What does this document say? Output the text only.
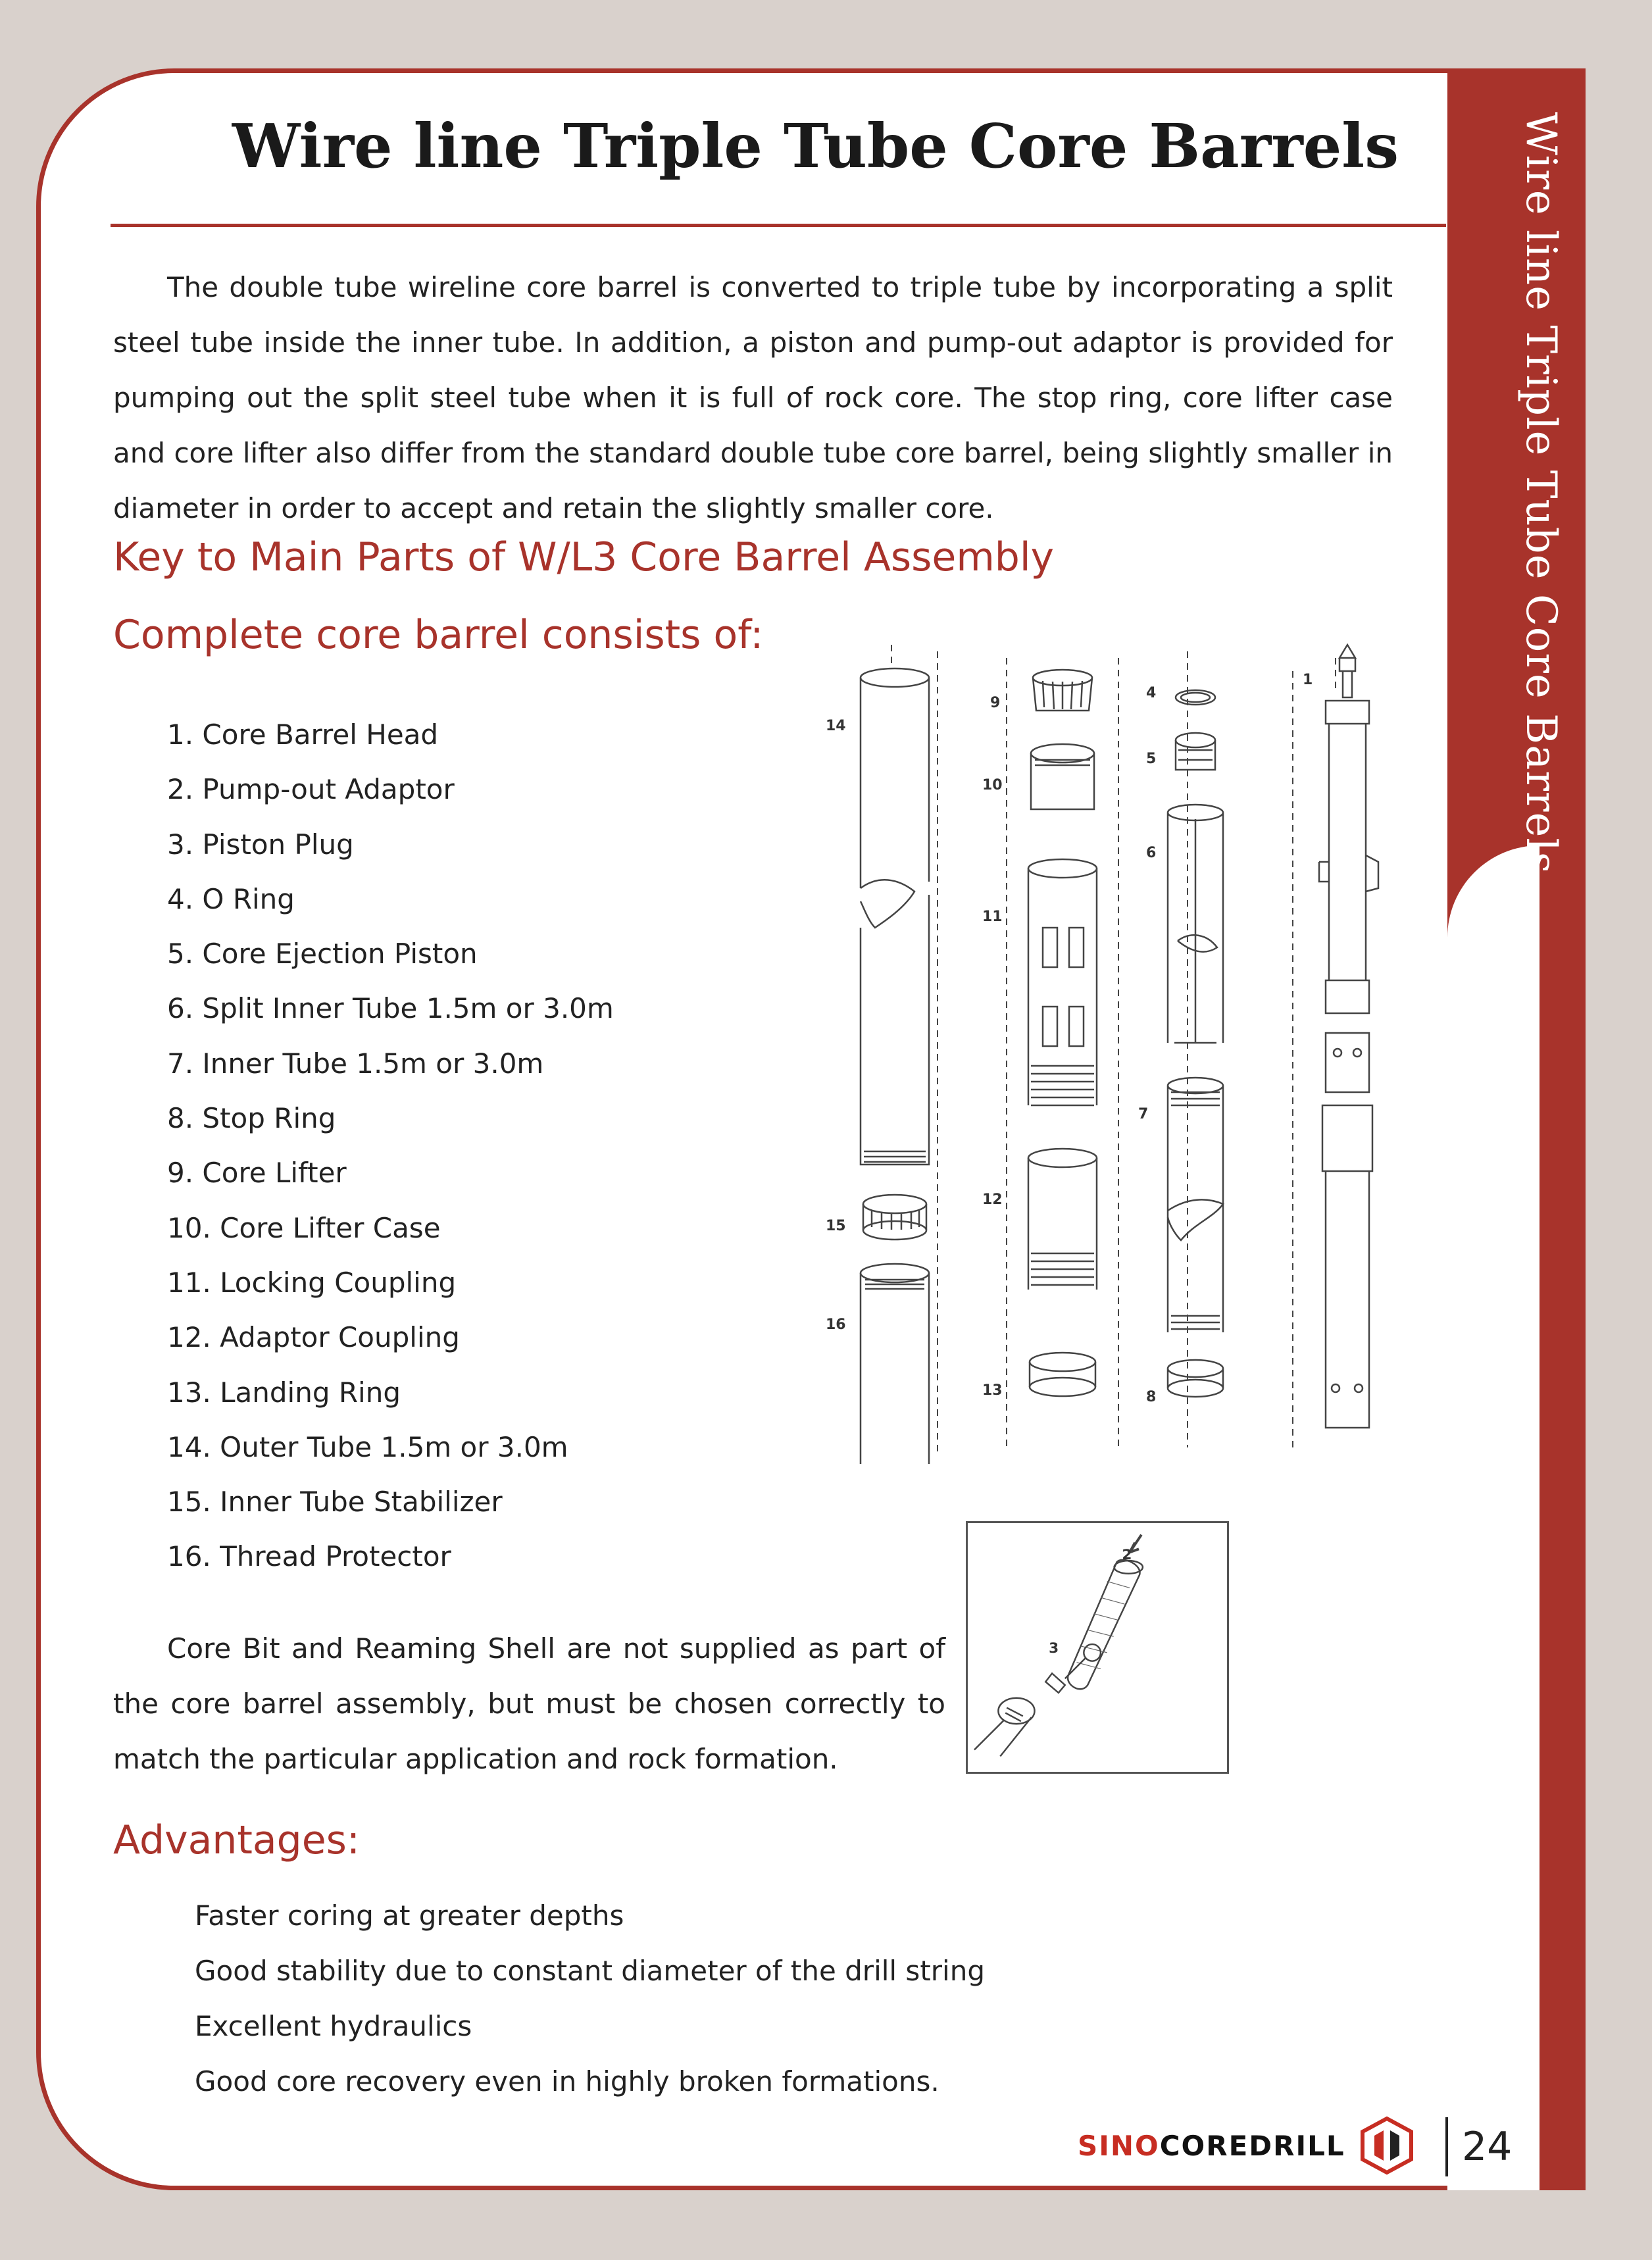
Wire line Triple Tube Core Barrels
Wire line Triple Tube Core Barrels

The double tube wireline core barrel is converted to triple tube by incorporating a split steel tube inside the inner tube. In addition, a piston and pump-out adaptor is provided for pumping out the split steel tube when it is full of rock core. The stop ring, core lifter case and core lifter also differ from the standard double tube core barrel, being slightly smaller in diameter in order to accept and retain the slightly smaller core.

Key to Main Parts of W/L3 Core Barrel Assembly
Complete core barrel consists of:
1. Core Barrel Head
2. Pump-out Adaptor
3. Piston Plug
4. O Ring
5. Core Ejection Piston
6. Split Inner Tube 1.5m or 3.0m
7. Inner Tube 1.5m or 3.0m
8. Stop Ring
9. Core Lifter
10. Core Lifter Case
11. Locking Coupling
12. Adaptor Coupling
13. Landing Ring
14. Outer Tube 1.5m or 3.0m
15. Inner Tube Stabilizer
16. Thread Protector
14
15
16
9
10
11
12
13
4
5
6
7
8
1
2
3

Core Bit and Reaming Shell are not supplied as part of the core barrel assembly, but must be chosen correctly to match the particular application and rock formation.

Advantages:
Faster coring at greater depths
Good stability due to constant diameter of the drill string
Excellent hydraulics
Good core recovery even in highly broken formations.
SINOCOREDRILL	24
